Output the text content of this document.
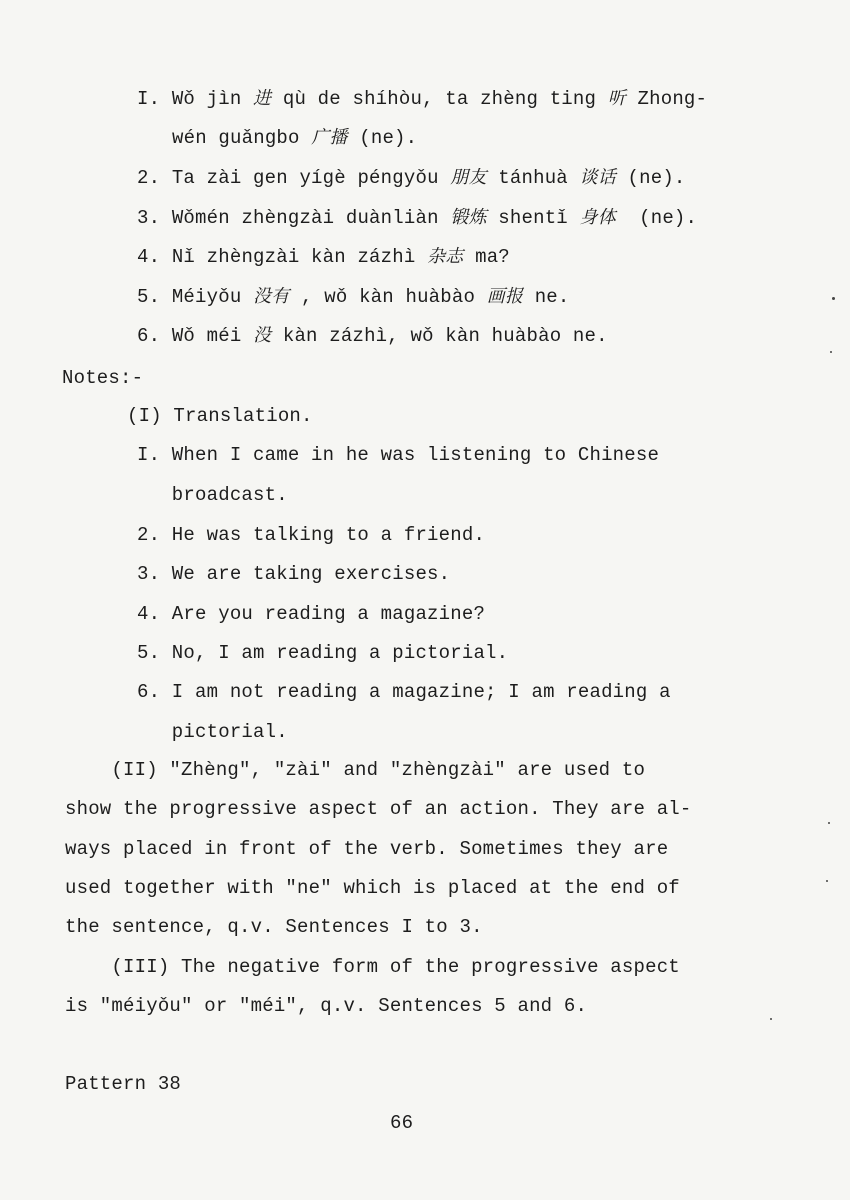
I. Wǒ jìn 进 qù de shíhòu, ta zhèng ting 听 Zhong-
wén guǎngbo 广播 (ne).
2. Ta zài gen yígè péngyǒu 朋友 tánhuà 谈话 (ne).
3. Wǒmén zhèngzài duànliàn 锻炼 shentǐ 身体  (ne).
4. Nǐ zhèngzài kàn zázhì 杂志 ma?
5. Méiyǒu 没有 , wǒ kàn huàbào 画报 ne.
6. Wǒ méi 没 kàn zázhì, wǒ kàn huàbào ne.
Notes:-
(I) Translation.
I. When I came in he was listening to Chinese
broadcast.
2. He was talking to a friend.
3. We are taking exercises.
4. Are you reading a magazine?
5. No, I am reading a pictorial.
6. I am not reading a magazine; I am reading a
pictorial.
(II) "Zhèng", "zài" and "zhèngzài" are used to
show the progressive aspect of an action. They are al-
ways placed in front of the verb. Sometimes they are
used together with "ne" which is placed at the end of
the sentence, q.v. Sentences I to 3.
(III) The negative form of the progressive aspect
is "méiyǒu" or "méi", q.v. Sentences 5 and 6.
Pattern 38
66
